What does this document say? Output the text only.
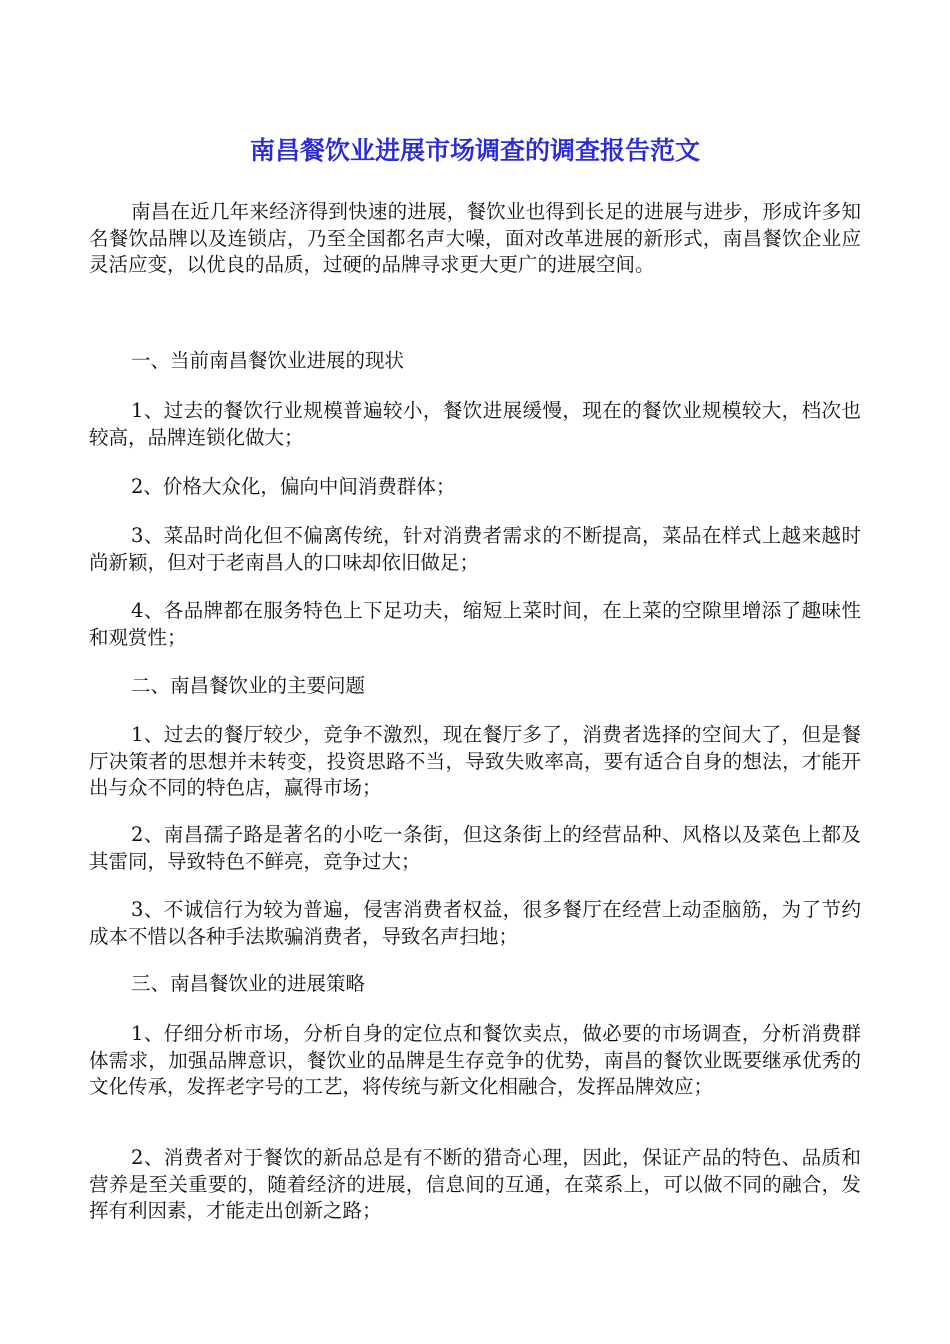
南昌餐饮业进展市场调查的调查报告范文

南昌在近几年来经济得到快速的进展，餐饮业也得到长足的进展与进步，形成许多知名餐饮品牌以及连锁店，乃至全国都名声大噪，面对改革进展的新形式，南昌餐饮企业应灵活应变，以优良的品质，过硬的品牌寻求更大更广的进展空间。

一、当前南昌餐饮业进展的现状

1、过去的餐饮行业规模普遍较小，餐饮进展缓慢，现在的餐饮业规模较大，档次也较高，品牌连锁化做大；

2、价格大众化，偏向中间消费群体；

3、菜品时尚化但不偏离传统，针对消费者需求的不断提高，菜品在样式上越来越时尚新颖，但对于老南昌人的口味却依旧做足；

4、各品牌都在服务特色上下足功夫，缩短上菜时间，在上菜的空隙里增添了趣味性和观赏性；

二、南昌餐饮业的主要问题

1、过去的餐厅较少，竞争不激烈，现在餐厅多了，消费者选择的空间大了，但是餐厅决策者的思想并未转变，投资思路不当，导致失败率高，要有适合自身的想法，才能开出与众不同的特色店，赢得市场；

2、南昌孺子路是著名的小吃一条街，但这条街上的经营品种、风格以及菜色上都及其雷同，导致特色不鲜亮，竞争过大；

3、不诚信行为较为普遍，侵害消费者权益，很多餐厅在经营上动歪脑筋，为了节约成本不惜以各种手法欺骗消费者，导致名声扫地；

三、南昌餐饮业的进展策略

1、仔细分析市场，分析自身的定位点和餐饮卖点，做必要的市场调查，分析消费群体需求，加强品牌意识，餐饮业的品牌是生存竞争的优势，南昌的餐饮业既要继承优秀的文化传承，发挥老字号的工艺，将传统与新文化相融合，发挥品牌效应；

2、消费者对于餐饮的新品总是有不断的猎奇心理，因此，保证产品的特色、品质和营养是至关重要的，随着经济的进展，信息间的互通，在菜系上，可以做不同的融合，发挥有利因素，才能走出创新之路；
